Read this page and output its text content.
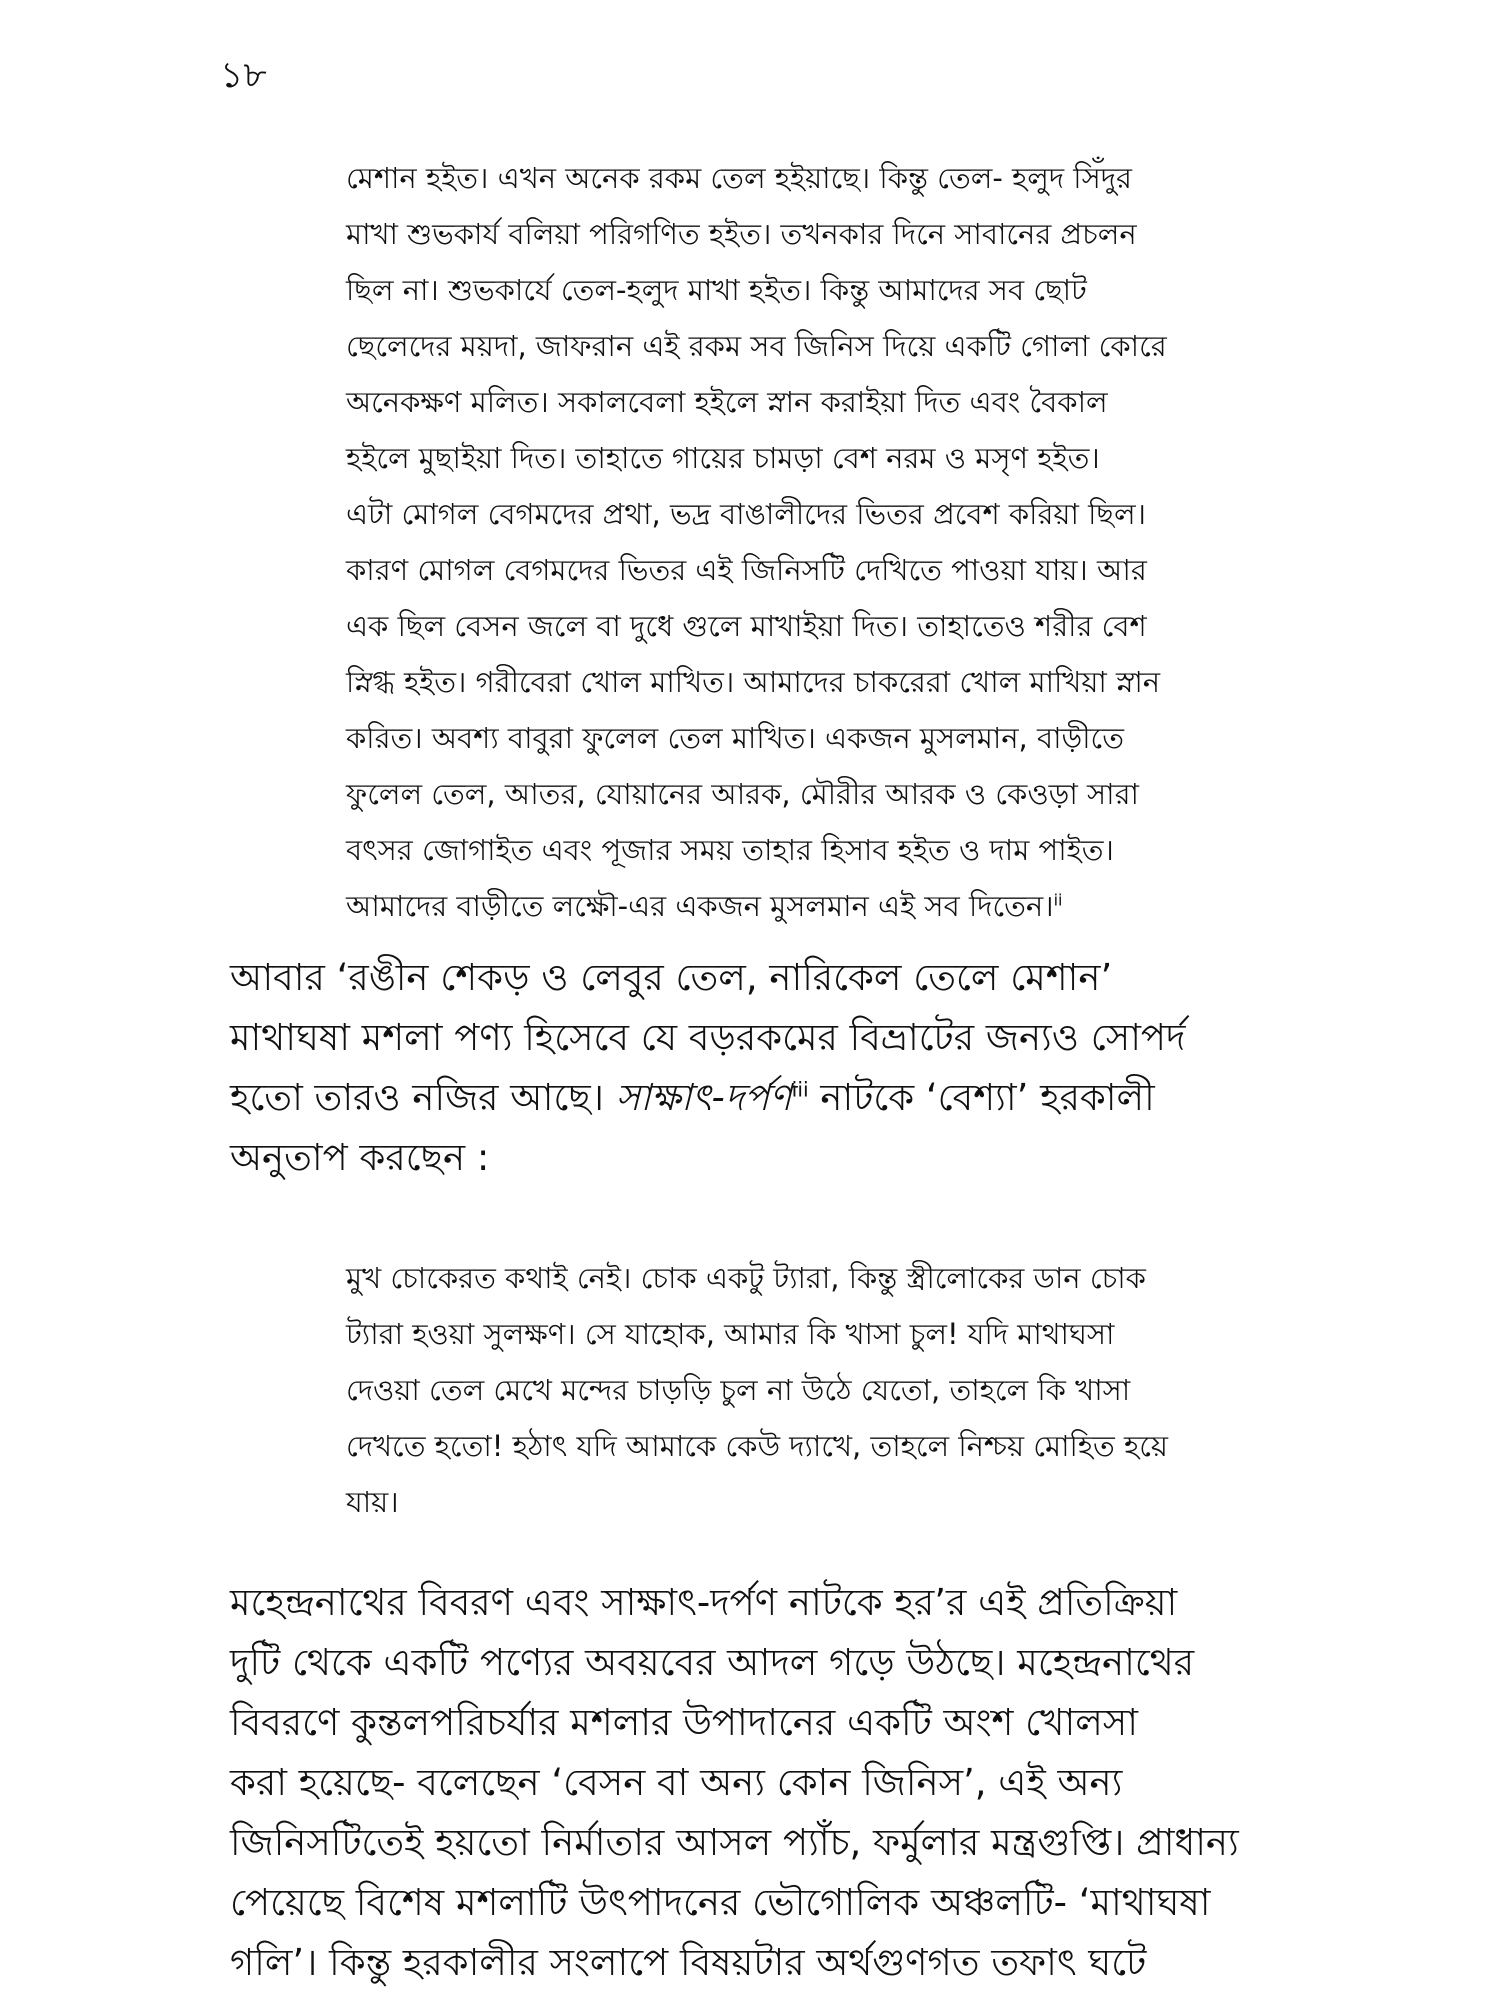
১৮
মেশান হইত। এখন অনেক রকম তেল হইয়াছে। কিন্তু তেল- হলুদ সিঁদুর
মাখা শুভকার্য বলিয়া পরিগণিত হইত। তখনকার দিনে সাবানের প্রচলন
ছিল না। শুভকার্যে তেল-হলুদ মাখা হইত। কিন্তু আমাদের সব ছোট
ছেলেদের ময়দা, জাফরান এই রকম সব জিনিস দিয়ে একটি গোলা কোরে
অনেকক্ষণ মলিত। সকালবেলা হইলে স্নান করাইয়া দিত এবং বৈকাল
হইলে মুছাইয়া দিত। তাহাতে গায়ের চামড়া বেশ নরম ও মসৃণ হইত।
এটা মোগল বেগমদের প্রথা, ভদ্র বাঙালীদের ভিতর প্রবেশ করিয়া ছিল।
কারণ মোগল বেগমদের ভিতর এই জিনিসটি দেখিতে পাওয়া যায়। আর
এক ছিল বেসন জলে বা দুধে গুলে মাখাইয়া দিত। তাহাতেও শরীর বেশ
স্নিগ্ধ হইত। গরীবেরা খোল মাখিত। আমাদের চাকরেরা খোল মাখিয়া স্নান
করিত। অবশ্য বাবুরা ফুলেল তেল মাখিত। একজন মুসলমান, বাড়ীতে
ফুলেল তেল, আতর, যোয়ানের আরক, মৌরীর আরক ও কেওড়া সারা
বৎসর জোগাইত এবং পূজার সময় তাহার হিসাব হইত ও দাম পাইত।
আমাদের বাড়ীতে লক্ষৌ-এর একজন মুসলমান এই সব দিতেন।$^{ii}$
আবার ‘রঙীন শেকড় ও লেবুর তেল, নারিকেল তেলে মেশান’
মাথাঘষা মশলা পণ্য হিসেবে যে বড়রকমের বিভ্রাটের জন্যও সোপর্দ
হতো তারও নজির আছে। সাক্ষাৎ-দর্পণ$^{iii}$ নাটকে ‘বেশ্যা’ হরকালী
অনুতাপ করছেন :
মুখ চোকেরত কথাই নেই। চোক একটু ট্যারা, কিন্তু স্ত্রীলোকের ডান চোক
ট্যারা হওয়া সুলক্ষণ। সে যাহোক, আমার কি খাসা চুল! যদি মাথাঘসা
দেওয়া তেল মেখে মন্দের চাড়ড়ি চুল না উঠে যেতো, তাহলে কি খাসা
দেখতে হতো! হঠাৎ যদি আমাকে কেউ দ্যাখে, তাহলে নিশ্চয় মোহিত হয়ে
যায়।
মহেন্দ্রনাথের বিবরণ এবং সাক্ষাৎ-দর্পণ নাটকে হর’র এই প্রতিক্রিয়া
দুটি থেকে একটি পণ্যের অবয়বের আদল গড়ে উঠছে। মহেন্দ্রনাথের
বিবরণে কুন্তলপরিচর্যার মশলার উপাদানের একটি অংশ খোলসা
করা হয়েছে- বলেছেন ‘বেসন বা অন্য কোন জিনিস’, এই অন্য
জিনিসটিতেই হয়তো নির্মাতার আসল প্যাঁচ, ফর্মুলার মন্ত্রগুপ্তি। প্রাধান্য
পেয়েছে বিশেষ মশলাটি উৎপাদনের ভৌগোলিক অঞ্চলটি- ‘মাথাঘষা
গলি’। কিন্তু হরকালীর সংলাপে বিষয়টার অর্থগুণগত তফাৎ ঘটে
